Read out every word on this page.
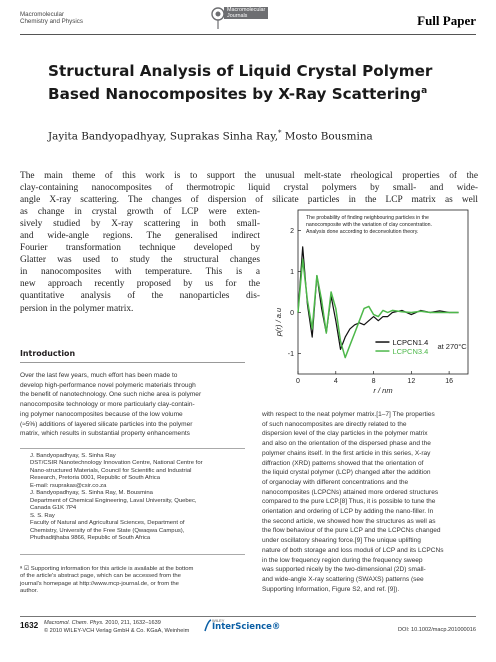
Macromolecular
Chemistry and Physics
Macromolecular
Journals	Full Paper
Structural Analysis of Liquid Crystal Polymer
Based Nanocomposites by X-Ray Scattering$^a$
Jayita Bandyopadhyay, Suprakas Sinha Ray,* Mosto Bousmina
The main theme of this work is to support the unusual melt-state rheological properties of the
clay-containing nanocomposites of thermotropic liquid crystal polymers by small- and wide-
angle X-ray scattering. The changes of dispersion of silicate particles in the LCP matrix as well
as change in crystal growth of LCP were exten-
sively studied by X-ray scattering in both small-
and wide-angle regions. The generalised indirect
Fourier transformation technique developed by
Glatter was used to study the structural changes
in nanocomposites with temperature. This is a
new approach recently proposed by us for the
quantitative analysis of the nanoparticles dis-
persion in the polymer matrix.
0	4	8	12	16
-1
0
1
2
r / nm
p(r) / a.u
The probability of finding neighbouring particles in the
nanocomposite with the variation of clay concentration.
Analysis done according to deconvolution theory.
LCPCN1.4
LCPCN3.4
at 270°C
Introduction
Over the last few years, much effort has been made to
develop high-performance novel polymeric materials through
the benefit of nanotechnology. One such niche area is polymer
nanocomposite technology or more particularly clay-contain-
ing polymer nanocomposites because of the low volume
(≈5%) additions of layered silicate particles into the polymer
matrix, which results in substantial property enhancements
J. Bandyopadhyay, S. Sinha Ray
DST/CSIR Nanotechnology Innovation Centre, National Centre for
Nano-structured Materials, Council for Scientific and Industrial
Research, Pretoria 0001, Republic of South Africa
E-mail: rsuprakas@csir.co.za
J. Bandyopadhyay, S. Sinha Ray, M. Bousmina
Department of Chemical Engineering, Laval University, Quebec,
Canada G1K 7P4
S. S. Ray
Faculty of Natural and Agricultural Sciences, Department of
Chemistry, University of the Free State (Qwaqwa Campus),
Phuthaditjhaba 9866, Republic of South Africa
ª ☑ Supporting information for this article is available at the bottom
of the article's abstract page, which can be accessed from the
journal's homepage at http://www.mcp-journal.de, or from the
author.
with respect to the neat polymer matrix.[1–7] The properties
of such nanocomposites are directly related to the
dispersion level of the clay particles in the polymer matrix
and also on the orientation of the dispersed phase and the
polymer chains itself. In the first article in this series, X-ray
diffraction (XRD) patterns showed that the orientation of
the liquid crystal polymer (LCP) changed after the addition
of organoclay with different concentrations and the
nanocomposites (LCPCNs) attained more ordered structures
compared to the pure LCP.[8] Thus, it is possible to tune the
orientation and ordering of LCP by adding the nano-filler. In
the second article, we showed how the structures as well as
the flow behaviour of the pure LCP and the LCPCNs changed
under oscillatory shearing force.[9] The unique uplifting
nature of both storage and loss moduli of LCP and its LCPCNs
in the low frequency region during the frequency sweep
was supported nicely by the two-dimensional (2D) small-
and wide-angle X-ray scattering (SWAXS) patterns (see
Supporting Information, Figure S2, and ref. [9]).
1632 Macromol. Chem. Phys. 2010, 211, 1632–1639
© 2010 WILEY-VCH Verlag GmbH & Co. KGaA, Weinheim
WILEY
InterScience®	DOI: 10.1002/macp.201000016
